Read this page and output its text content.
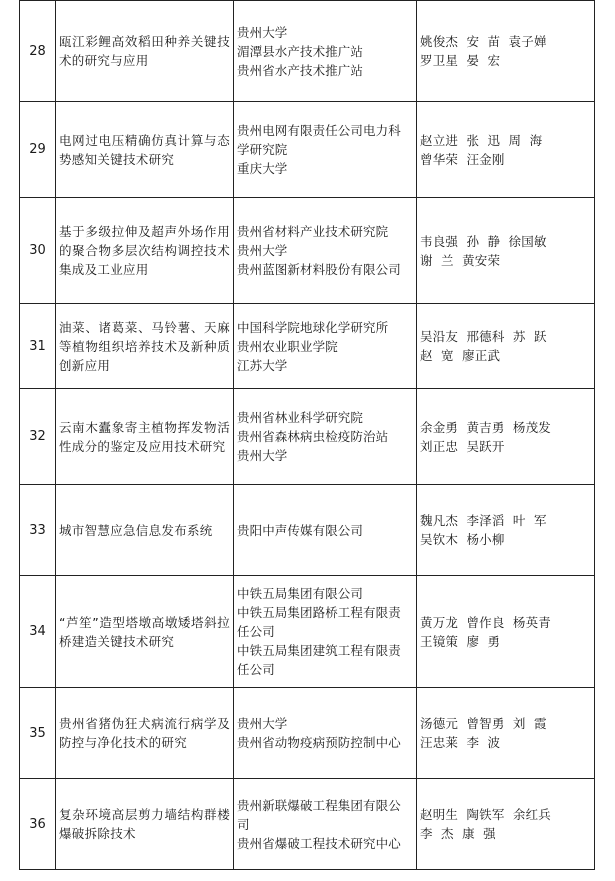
28	瓯江彩鲤高效稻田种养关键技术的研究与应用	贵州大学
湄潭县水产技术推广站
贵州省水产技术推广站	姚俊杰  安  苗  袁子婵
罗卫星  晏  宏

29	电网过电压精确仿真计算与态势感知关键技术研究	贵州电网有限责任公司电力科学研究院
重庆大学	赵立进  张  迅  周  海
曾华荣  汪金刚

30	基于多级拉伸及超声外场作用的聚合物多层次结构调控技术集成及工业应用	贵州省材料产业技术研究院
贵州大学
贵州蓝图新材料股份有限公司	韦良强  孙  静  徐国敏
谢  兰  黄安荣

31	油菜、诸葛菜、马铃薯、天麻等植物组织培养技术及新种质创新应用	中国科学院地球化学研究所
贵州农业职业学院
江苏大学	吴沿友  邢德科  苏  跃
赵  宽  廖正武

32	云南木蠹象寄主植物挥发物活性成分的鉴定及应用技术研究	贵州省林业科学研究院
贵州省森林病虫检疫防治站
贵州大学	余金勇  黄吉勇  杨茂发
刘正忠  吴跃开

33	城市智慧应急信息发布系统	贵阳中声传媒有限公司	魏凡杰  李泽滔  叶  军
吴钦木  杨小柳

34	“芦笙”造型塔墩高墩矮塔斜拉桥建造关键技术研究	中铁五局集团有限公司
中铁五局集团路桥工程有限责任公司
中铁五局集团建筑工程有限责任公司	黄万龙  曾作良  杨英青
王镜策  廖  勇

35	贵州省猪伪狂犬病流行病学及防控与净化技术的研究	贵州大学
贵州省动物疫病预防控制中心	汤德元  曾智勇  刘  霞
汪忠莱  李  波

36	复杂环境高层剪力墙结构群楼爆破拆除技术	贵州新联爆破工程集团有限公司
贵州省爆破工程技术研究中心	赵明生  陶铁军  余红兵
李  杰  康  强
